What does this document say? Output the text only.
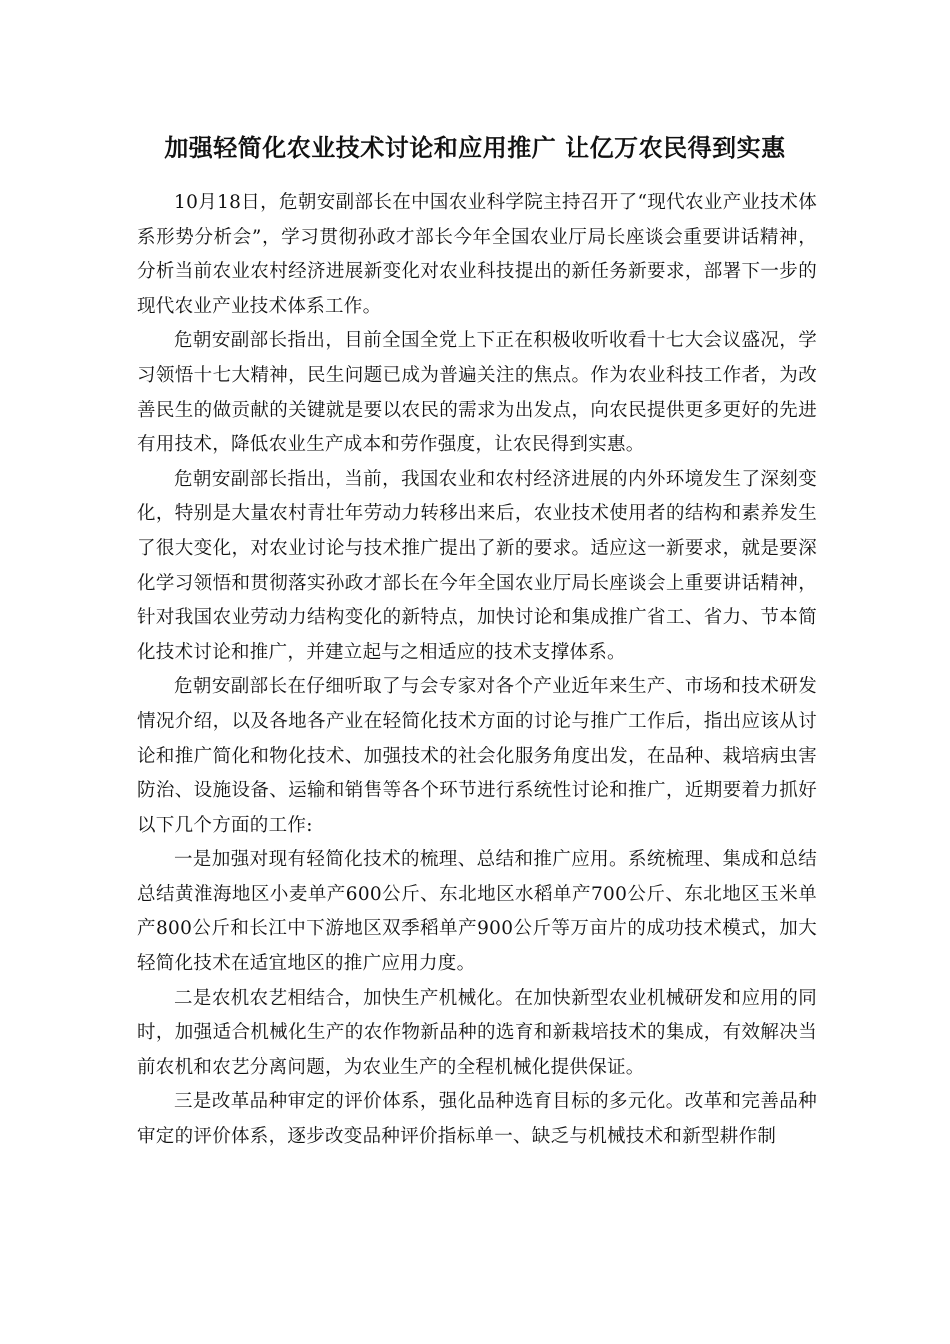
加强轻简化农业技术讨论和应用推广 让亿万农民得到实惠

10月18日，危朝安副部长在中国农业科学院主持召开了“现代农业产业技术体系形势分析会”，学习贯彻孙政才部长今年全国农业厅局长座谈会重要讲话精神，分析当前农业农村经济进展新变化对农业科技提出的新任务新要求，部署下一步的现代农业产业技术体系工作。

危朝安副部长指出，目前全国全党上下正在积极收听收看十七大会议盛况，学习领悟十七大精神，民生问题已成为普遍关注的焦点。作为农业科技工作者，为改善民生的做贡献的关键就是要以农民的需求为出发点，向农民提供更多更好的先进有用技术，降低农业生产成本和劳作强度，让农民得到实惠。

危朝安副部长指出，当前，我国农业和农村经济进展的内外环境发生了深刻变化，特别是大量农村青壮年劳动力转移出来后，农业技术使用者的结构和素养发生了很大变化，对农业讨论与技术推广提出了新的要求。适应这一新要求，就是要深化学习领悟和贯彻落实孙政才部长在今年全国农业厅局长座谈会上重要讲话精神，针对我国农业劳动力结构变化的新特点，加快讨论和集成推广省工、省力、节本简化技术讨论和推广，并建立起与之相适应的技术支撑体系。

危朝安副部长在仔细听取了与会专家对各个产业近年来生产、市场和技术研发情况介绍，以及各地各产业在轻简化技术方面的讨论与推广工作后，指出应该从讨论和推广简化和物化技术、加强技术的社会化服务角度出发，在品种、栽培病虫害防治、设施设备、运输和销售等各个环节进行系统性讨论和推广，近期要着力抓好以下几个方面的工作:

一是加强对现有轻简化技术的梳理、总结和推广应用。系统梳理、集成和总结总结黄淮海地区小麦单产600公斤、东北地区水稻单产700公斤、东北地区玉米单产800公斤和长江中下游地区双季稻单产900公斤等万亩片的成功技术模式，加大轻简化技术在适宜地区的推广应用力度。

二是农机农艺相结合，加快生产机械化。在加快新型农业机械研发和应用的同时，加强适合机械化生产的农作物新品种的选育和新栽培技术的集成，有效解决当前农机和农艺分离问题，为农业生产的全程机械化提供保证。

三是改革品种审定的评价体系，强化品种选育目标的多元化。改革和完善品种审定的评价体系，逐步改变品种评价指标单一、缺乏与机械技术和新型耕作制
